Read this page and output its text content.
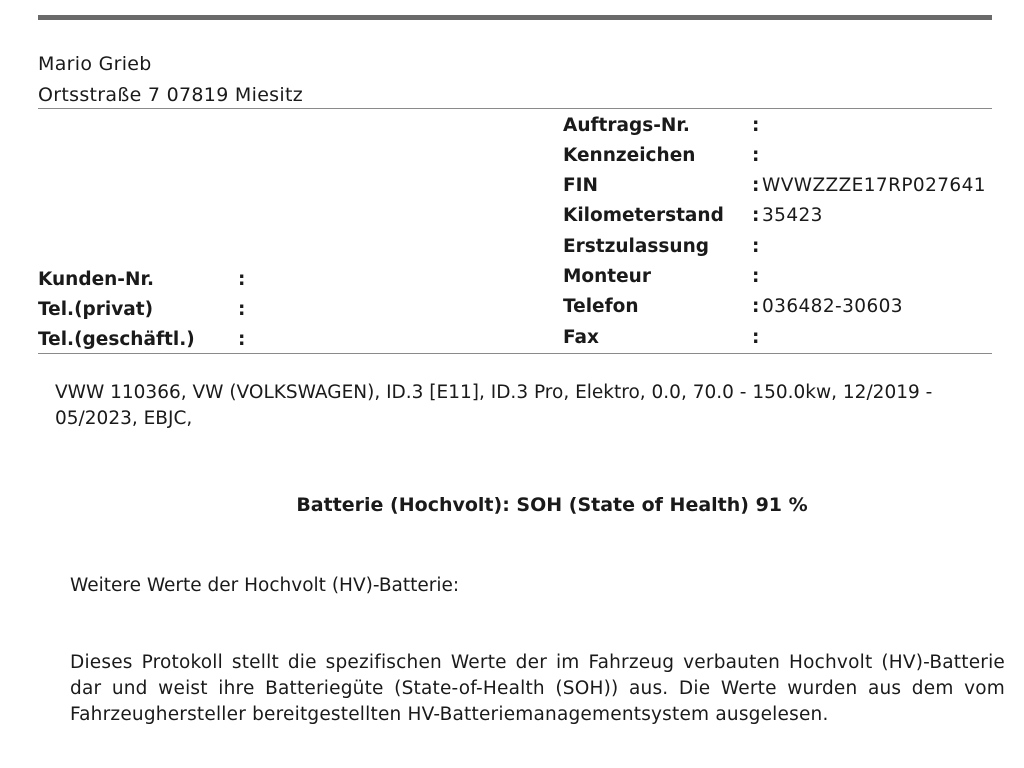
Mario Grieb
Ortsstraße 7 07819 Miesitz
Auftrags-Nr.	:
Kennzeichen	:
FIN	: WVWZZZE17RP027641
Kilometerstand : 35423
Erstzulassung :
Monteur	:
Telefon	: 036482-30603
Fax	:
Kunden-Nr.	:
Tel.(privat)	:
Tel.(geschäftl.) :
VWW 110366, VW (VOLKSWAGEN), ID.3 [E11], ID.3 Pro, Elektro, 0.0, 70.0 - 150.0kw, 12/2019 - 05/2023, EBJC,
Batterie (Hochvolt): SOH (State of Health) 91 %
Weitere Werte der Hochvolt (HV)-Batterie:
Dieses Protokoll stellt die spezifischen Werte der im Fahrzeug verbauten Hochvolt (HV)-Batterie dar und weist ihre Batteriegüte (State-of-Health (SOH)) aus. Die Werte wurden aus dem vom Fahrzeughersteller bereitgestellten HV-Batteriemanagementsystem ausgelesen.
